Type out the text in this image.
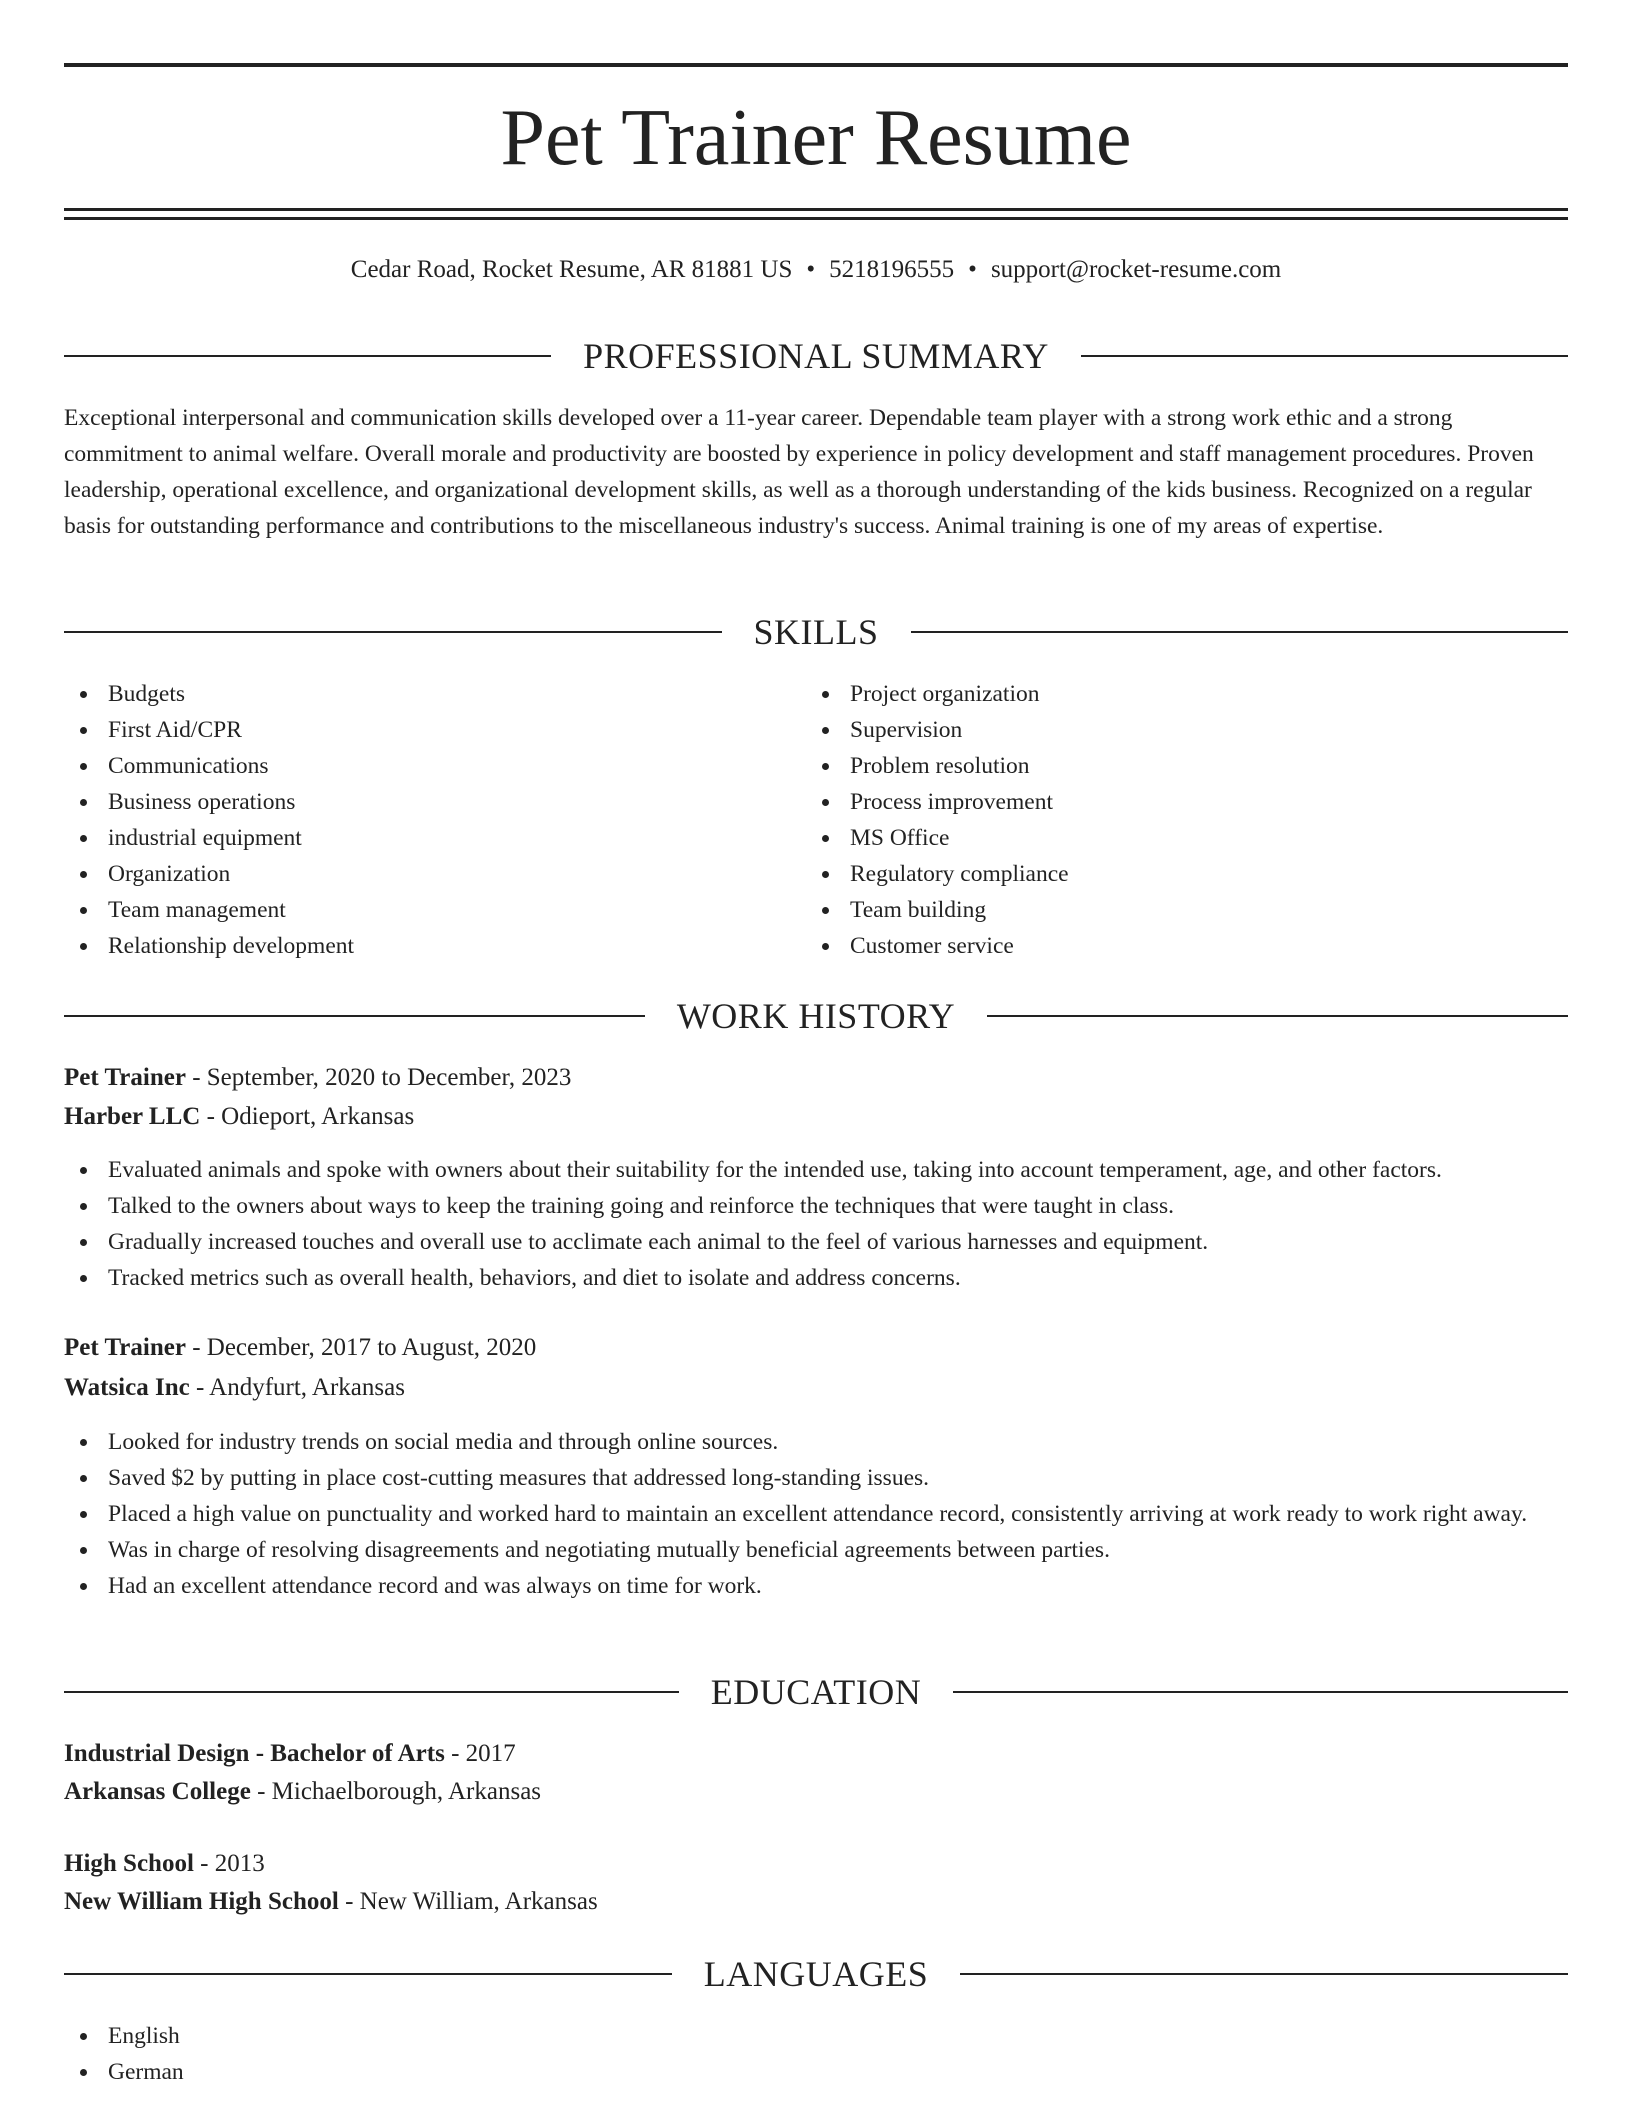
Pet Trainer Resume
Cedar Road, Rocket Resume, AR 81881 US • 5218196555 • support@rocket-resume.com
PROFESSIONAL SUMMARY

Exceptional interpersonal and communication skills developed over a 11-year career. Dependable team player with a strong work ethic and a strong commitment to animal welfare. Overall morale and productivity are boosted by experience in policy development and staff management procedures. Proven leadership, operational excellence, and organizational development skills, as well as a thorough understanding of the kids business. Recognized on a regular basis for outstanding performance and contributions to the miscellaneous industry's success. Animal training is one of my areas of expertise.

SKILLS
Budgets
First Aid/CPR
Communications
Business operations
industrial equipment
Organization
Team management
Relationship development
Project organization
Supervision
Problem resolution
Process improvement
MS Office
Regulatory compliance
Team building
Customer service
WORK HISTORY
Pet Trainer - September, 2020 to December, 2023
Harber LLC - Odieport, Arkansas
Evaluated animals and spoke with owners about their suitability for the intended use, taking into account temperament, age, and other factors.
Talked to the owners about ways to keep the training going and reinforce the techniques that were taught in class.
Gradually increased touches and overall use to acclimate each animal to the feel of various harnesses and equipment.
Tracked metrics such as overall health, behaviors, and diet to isolate and address concerns.
Pet Trainer - December, 2017 to August, 2020
Watsica Inc - Andyfurt, Arkansas
Looked for industry trends on social media and through online sources.
Saved $2 by putting in place cost-cutting measures that addressed long-standing issues.
Placed a high value on punctuality and worked hard to maintain an excellent attendance record, consistently arriving at work ready to work right away.
Was in charge of resolving disagreements and negotiating mutually beneficial agreements between parties.
Had an excellent attendance record and was always on time for work.
EDUCATION
Industrial Design - Bachelor of Arts - 2017
Arkansas College - Michaelborough, Arkansas
High School - 2013
New William High School - New William, Arkansas
LANGUAGES
English
German
